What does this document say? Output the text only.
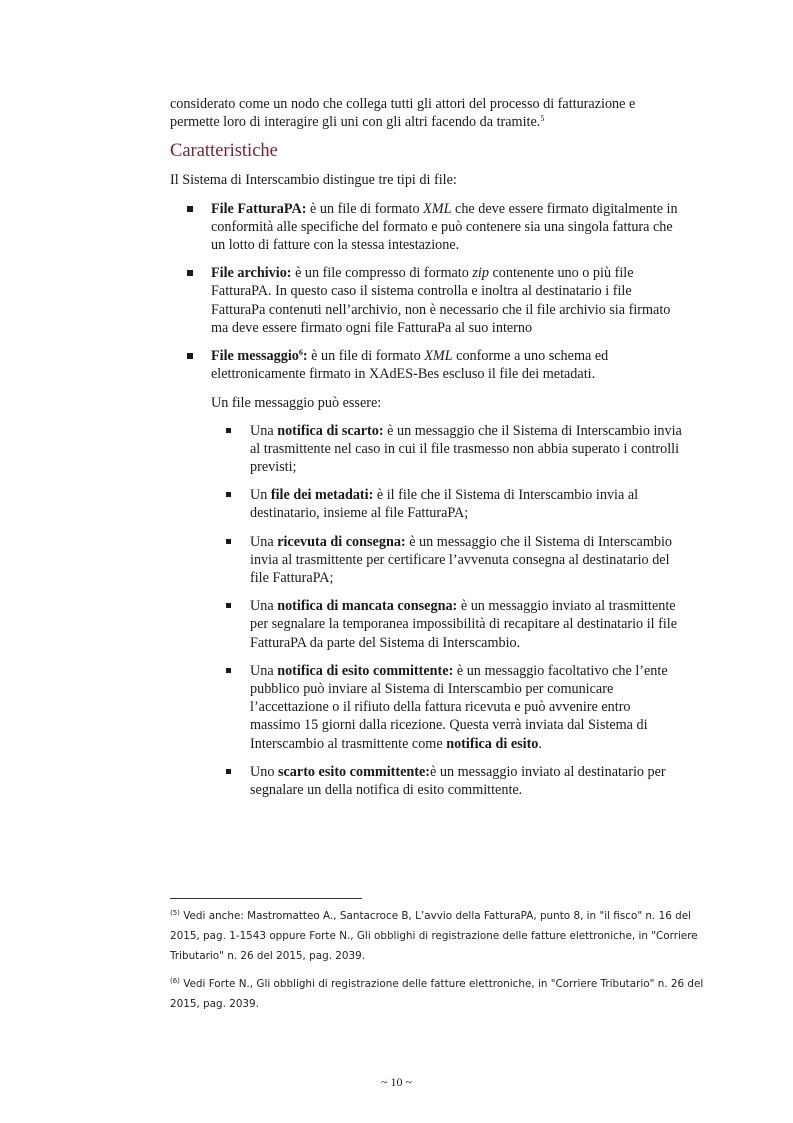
considerato come un nodo che collega tutti gli attori del processo di fatturazione e permette loro di interagire gli uni con gli altri facendo da tramite.$^5$

Caratteristiche

Il Sistema di Interscambio distingue tre tipi di file:

File FatturaPA: è un file di formato XML che deve essere firmato digitalmente in conformità alle specifiche del formato e può contenere sia una singola fattura che un lotto di fatture con la stessa intestazione.
File archivio: è un file compresso di formato zip contenente uno o più file FatturaPA. In questo caso il sistema controlla e inoltra al destinatario i file FatturaPa contenuti nell’archivio, non è necessario che il file archivio sia firmato ma deve essere firmato ogni file FatturaPa al suo interno
File messaggio$^6$: è un file di formato XML conforme a uno schema ed elettronicamente firmato in XAdES-Bes escluso il file dei metadati.

Un file messaggio può essere:

Una notifica di scarto: è un messaggio che il Sistema di Interscambio invia al trasmittente nel caso in cui il file trasmesso non abbia superato i controlli previsti;
Un file dei metadati: è il file che il Sistema di Interscambio invia al destinatario, insieme al file FatturaPA;
Una ricevuta di consegna: è un messaggio che il Sistema di Interscambio invia al trasmittente per certificare l’avvenuta consegna al destinatario del file FatturaPA;
Una notifica di mancata consegna: è un messaggio inviato al trasmittente per segnalare la temporanea impossibilità di recapitare al destinatario il file FatturaPA da parte del Sistema di Interscambio.
Una notifica di esito committente: è un messaggio facoltativo che l’ente pubblico può inviare al Sistema di Interscambio per comunicare l’accettazione o il rifiuto della fattura ricevuta e può avvenire entro massimo 15 giorni dalla ricezione. Questa verrà inviata dal Sistema di Interscambio al trasmittente come notifica di esito.
Uno scarto esito committente:è un messaggio inviato al destinatario per segnalare un della notifica di esito committente.
$^{(5)}$ Vedi anche: Mastromatteo A., Santacroce B, L’avvio della FatturaPA, punto 8, in "il fisco" n. 16 del 2015, pag. 1-1543 oppure Forte N., Gli obblighi di registrazione delle fatture elettroniche, in "Corriere Tributario" n. 26 del 2015, pag. 2039.
$^{(6)}$ Vedi Forte N., Gli obblighi di registrazione delle fatture elettroniche, in "Corriere Tributario" n. 26 del 2015, pag. 2039.
~ 10 ~
